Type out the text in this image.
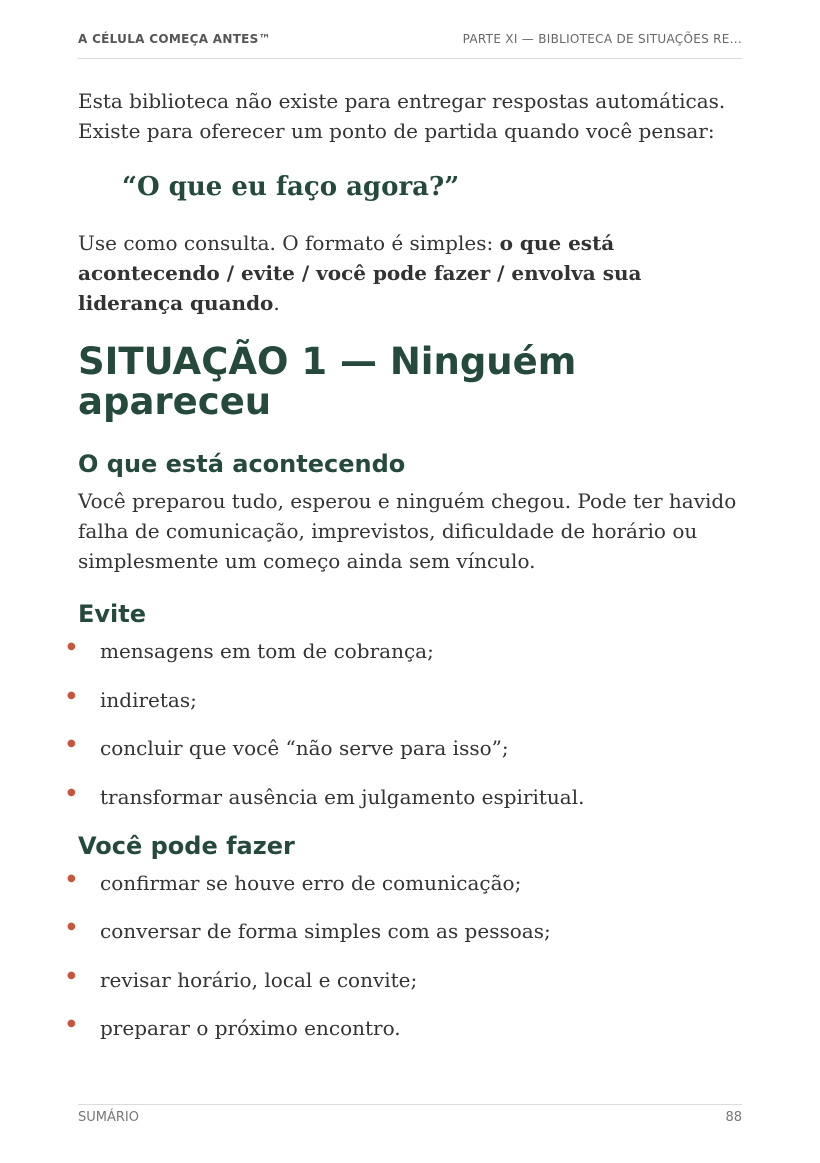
A CÉLULA COMEÇA ANTES™	PARTE XI — BIBLIOTECA DE SITUAÇÕES RE...

Esta biblioteca não existe para entregar respostas automáticas. Existe para oferecer um ponto de partida quando você pensar:

“O que eu faço agora?”

Use como consulta. O formato é simples: o que está acontecendo / evite / você pode fazer / envolva sua liderança quando.

SITUAÇÃO 1 — Ninguém apareceu
O que está acontecendo

Você preparou tudo, esperou e ninguém chegou. Pode ter havido falha de comunicação, imprevistos, dificuldade de horário ou simplesmente um começo ainda sem vínculo.

Evite
● mensagens em tom de cobrança;
● indiretas;
● concluir que você “não serve para isso”;
● transformar ausência em julgamento espiritual.
Você pode fazer
● confirmar se houve erro de comunicação;
● conversar de forma simples com as pessoas;
● revisar horário, local e convite;
● preparar o próximo encontro.
SUMÁRIO	88
